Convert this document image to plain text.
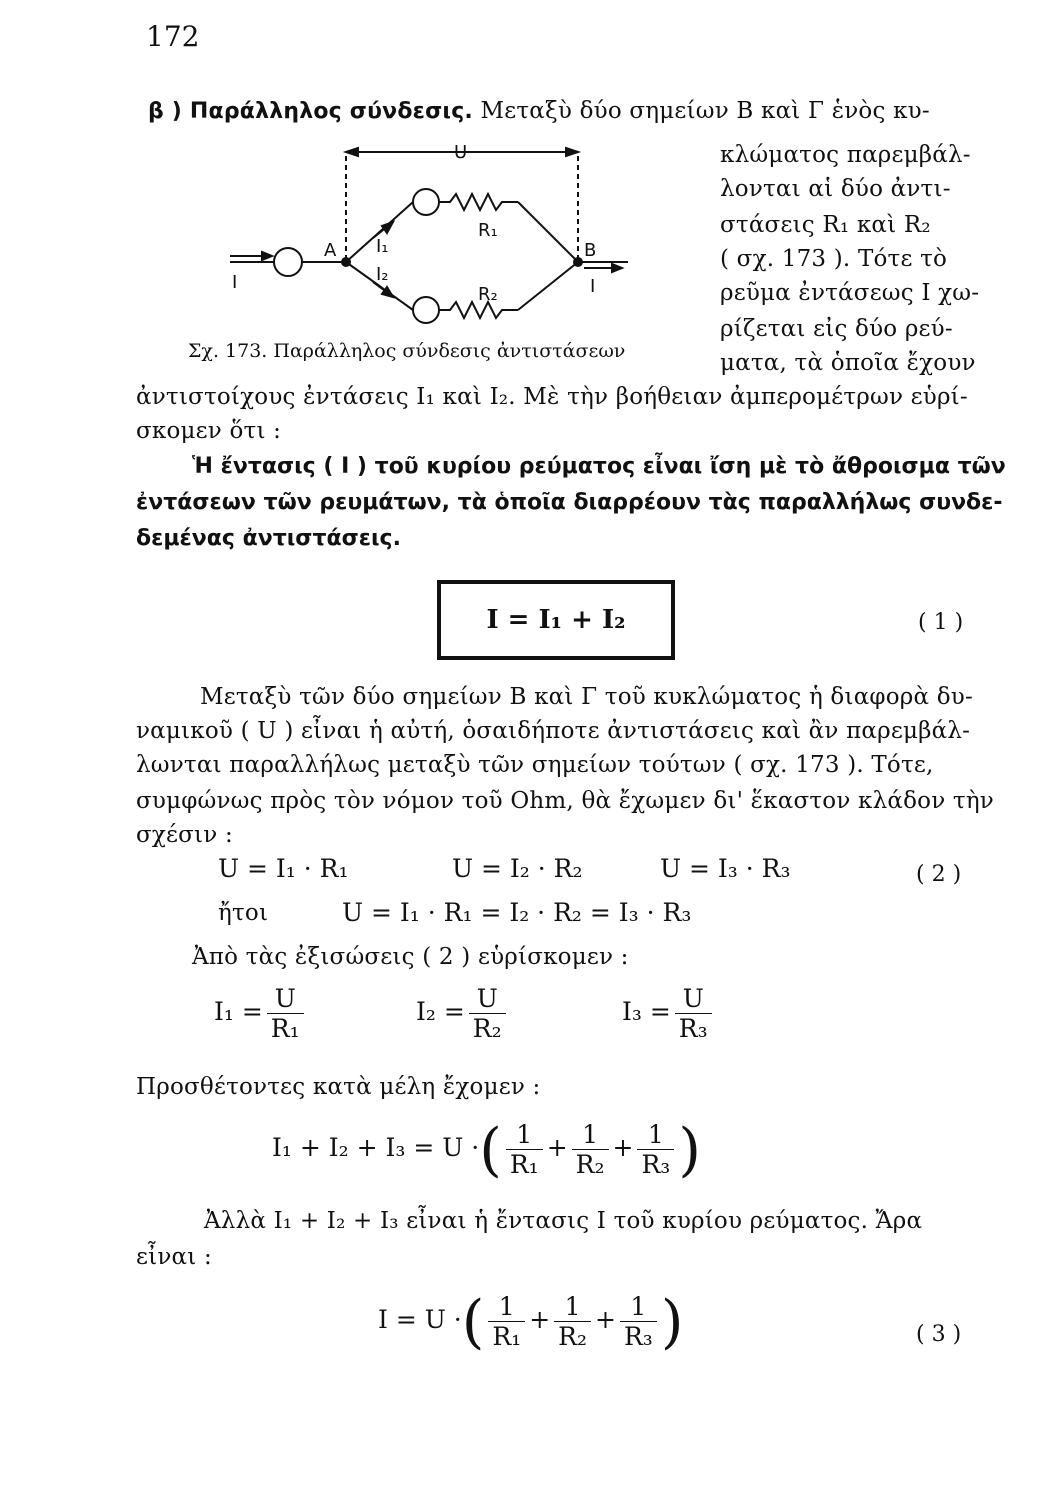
172
β ) Παράλληλος σύνδεσις. Μεταξὺ δύο σημείων Β καὶ Γ ἑνὸς κυ-
κλώματος παρεμβάλ-
λονται αἱ δύο ἀντι-
στάσεις R₁ καὶ R₂
( σχ. 173 ). Τότε τὸ
ρεῦμα ἐντάσεως Ι χω-
ρίζεται εἰς δύο ρεύ-
ματα, τὰ ὁποῖα ἔχουν
U
A	B
I	I
I₁
I₂
R₁
R₂
Σχ. 173. Παράλληλος σύνδεσις ἀντιστάσεων
ἀντιστοίχους ἐντάσεις Ι₁ καὶ Ι₂. Μὲ τὴν βοήθειαν ἀμπερομέτρων εὑρί-
σκομεν ὅτι :
Ἡ ἔντασις ( Ι ) τοῦ κυρίου ρεύματος εἶναι ἴση μὲ τὸ ἄθροισμα τῶν
ἐντάσεων τῶν ρευμάτων, τὰ ὁποῖα διαρρέουν τὰς παραλλήλως συνδε-
δεμένας ἀντιστάσεις.
I = I₁ + I₂	( 1 )
Μεταξὺ τῶν δύο σημείων Β καὶ Γ τοῦ κυκλώματος ἡ διαφορὰ δυ-
ναμικοῦ ( U ) εἶναι ἡ αὐτή, ὁσαιδήποτε ἀντιστάσεις καὶ ἂν παρεμβάλ-
λωνται παραλλήλως μεταξὺ τῶν σημείων τούτων ( σχ. 173 ). Τότε,
συμφώνως πρὸς τὸν νόμον τοῦ Ohm, θὰ ἔχωμεν δι' ἕκαστον κλάδον τὴν
σχέσιν :
U = I₁ · R₁	U = I₂ · R₂	U = I₃ · R₃	( 2 )
ἤτοι	U = I₁ · R₁ = I₂ · R₂ = I₃ · R₃
Ἀπὸ τὰς ἐξισώσεις ( 2 ) εὑρίσκομεν :
$I_1 = \frac{U}{\text{R₁}}$	$I_2 = \frac{U}{\text{R₂}}$	$I_3 = \frac{U}{\text{R₃}}$
Προσθέτοντες κατὰ μέλη ἔχομεν :
I₁ + I₂ + I₃ = U ·( $\frac{1}{\text{R₁}} + \frac{1}{\text{R₂}} + \frac{1}{\text{R₃}}$ )
Ἀλλὰ Ι₁ + Ι₂ + Ι₃ εἶναι ἡ ἔντασις Ι τοῦ κυρίου ρεύματος. Ἄρα
εἶναι :
I = U ·( $\frac{1}{\text{R₁}} + \frac{1}{\text{R₂}} + \frac{1}{\text{R₃}}$ )	( 3 )
